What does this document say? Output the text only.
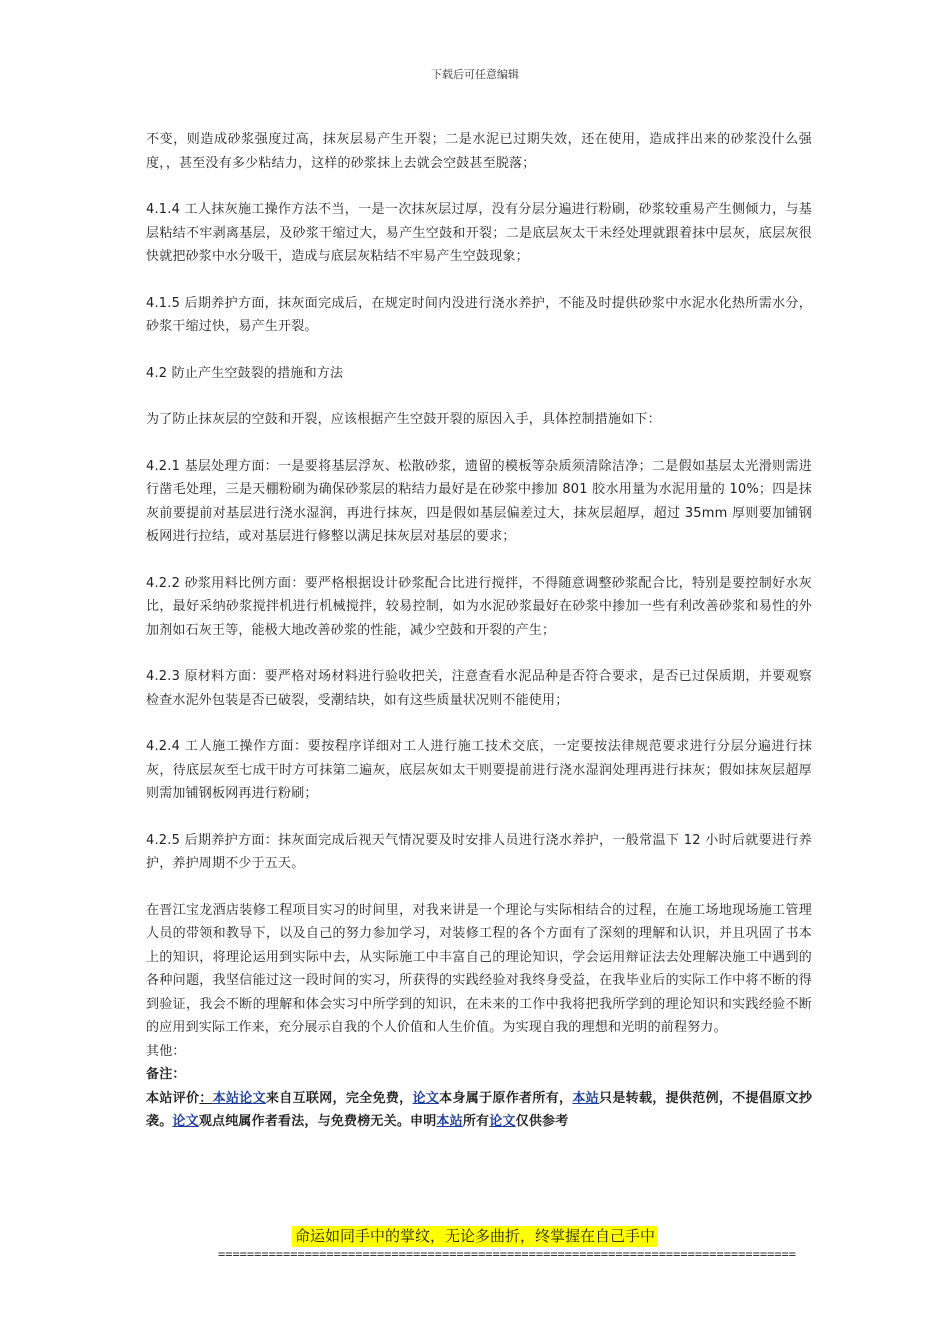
下载后可任意编辑

不变，则造成砂浆强度过高，抹灰层易产生开裂；二是水泥已过期失效，还在使用，造成拌出来的砂浆没什么强度，，甚至没有多少粘结力，这样的砂浆抹上去就会空鼓甚至脱落；

4.1.4 工人抹灰施工操作方法不当，一是一次抹灰层过厚，没有分层分遍进行粉刷，砂浆较重易产生侧倾力，与基层粘结不牢剥离基层，及砂浆干缩过大，易产生空鼓和开裂；二是底层灰太干未经处理就跟着抹中层灰，底层灰很快就把砂浆中水分吸干，造成与底层灰粘结不牢易产生空鼓现象；

4.1.5 后期养护方面，抹灰面完成后，在规定时间内没进行浇水养护，不能及时提供砂浆中水泥水化热所需水分，砂浆干缩过快，易产生开裂。

4.2 防止产生空鼓裂的措施和方法

为了防止抹灰层的空鼓和开裂，应该根据产生空鼓开裂的原因入手，具体控制措施如下：

4.2.1 基层处理方面：一是要将基层浮灰、松散砂浆，遗留的模板等杂质须清除洁净；二是假如基层太光滑则需进行凿毛处理，三是天棚粉刷为确保砂浆层的粘结力最好是在砂浆中掺加 801 胶水用量为水泥用量的 10%；四是抹灰前要提前对基层进行浇水湿润，再进行抹灰，四是假如基层偏差过大，抹灰层超厚，超过 35mm 厚则要加铺钢板网进行拉结，或对基层进行修整以满足抹灰层对基层的要求；

4.2.2 砂浆用料比例方面：要严格根据设计砂浆配合比进行搅拌，不得随意调整砂浆配合比，特别是要控制好水灰比，最好采纳砂浆搅拌机进行机械搅拌，较易控制，如为水泥砂浆最好在砂浆中掺加一些有利改善砂浆和易性的外加剂如石灰王等，能极大地改善砂浆的性能，减少空鼓和开裂的产生；

4.2.3 原材料方面：要严格对场材料进行验收把关，注意查看水泥品种是否符合要求，是否已过保质期，并要观察检查水泥外包装是否已破裂，受潮结块，如有这些质量状况则不能使用；

4.2.4 工人施工操作方面：要按程序详细对工人进行施工技术交底，一定要按法律规范要求进行分层分遍进行抹灰，待底层灰至七成干时方可抹第二遍灰，底层灰如太干则要提前进行浇水湿润处理再进行抹灰；假如抹灰层超厚则需加铺钢板网再进行粉刷；

4.2.5 后期养护方面：抹灰面完成后视天气情况要及时安排人员进行浇水养护，一般常温下 12 小时后就要进行养护，养护周期不少于五天。

在晋江宝龙酒店装修工程项目实习的时间里，对我来讲是一个理论与实际相结合的过程，在施工场地现场施工管理人员的带领和教导下，以及自己的努力参加学习，对装修工程的各个方面有了深刻的理解和认识，并且巩固了书本上的知识，将理论运用到实际中去，从实际施工中丰富自己的理论知识，学会运用辩证法去处理解决施工中遇到的各种问题，我坚信能过这一段时间的实习，所获得的实践经验对我终身受益，在我毕业后的实际工作中将不断的得到验证，我会不断的理解和体会实习中所学到的知识，在未来的工作中我将把我所学到的理论知识和实践经验不断的应用到实际工作来，充分展示自我的个人价值和人生价值。为实现自我的理想和光明的前程努力。

其他：

备注：

本站评价：本站论文来自互联网，完全免费，论文本身属于原作者所有，本站只是转载，提供范例，不提倡原文抄袭。论文观点纯属作者看法，与免费榜无关。申明本站所有论文仅供参考

命运如同手中的掌纹，无论多曲折，终掌握在自己手中
================================================================================
